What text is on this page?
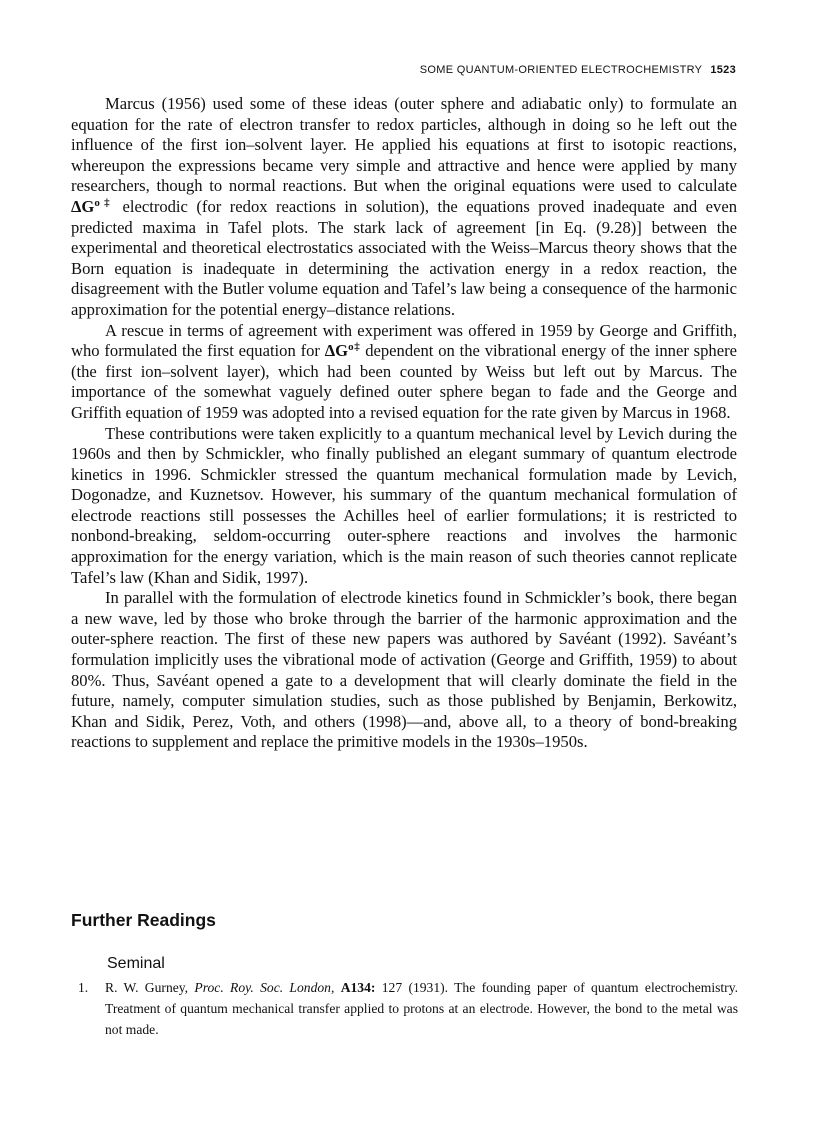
SOME QUANTUM-ORIENTED ELECTROCHEMISTRY 1523

Marcus (1956) used some of these ideas (outer sphere and adiabatic only) to formulate an equation for the rate of electron transfer to redox particles, although in doing so he left out the influence of the first ion–solvent layer. He applied his equations at first to isotopic reactions, whereupon the expressions became very simple and attractive and hence were applied by many researchers, though to normal reactions. But when the original equations were used to calculate $\Delta G^{o\ddagger}$ electrodic (for redox reactions in solution), the equations proved inadequate and even predicted maxima in Tafel plots. The stark lack of agreement [in Eq. (9.28)] between the experimental and theoretical electrostatics associated with the Weiss–Marcus theory shows that the Born equation is inadequate in determining the activation energy in a redox reaction, the disagreement with the Butler volume equation and Tafel’s law being a consequence of the harmonic approximation for the potential energy–distance relations.

A rescue in terms of agreement with experiment was offered in 1959 by George and Griffith, who formulated the first equation for $\Delta G^{o\ddagger}$ dependent on the vibrational energy of the inner sphere (the first ion–solvent layer), which had been counted by Weiss but left out by Marcus. The importance of the somewhat vaguely defined outer sphere began to fade and the George and Griffith equation of 1959 was adopted into a revised equation for the rate given by Marcus in 1968.

These contributions were taken explicitly to a quantum mechanical level by Levich during the 1960s and then by Schmickler, who finally published an elegant summary of quantum electrode kinetics in 1996. Schmickler stressed the quantum mechanical formulation made by Levich, Dogonadze, and Kuznetsov. However, his summary of the quantum mechanical formulation of electrode reactions still possesses the Achilles heel of earlier formulations; it is restricted to nonbond-breaking, seldom-occurring outer-sphere reactions and involves the harmonic approximation for the energy variation, which is the main reason of such theories cannot replicate Tafel’s law (Khan and Sidik, 1997).

In parallel with the formulation of electrode kinetics found in Schmickler’s book, there began a new wave, led by those who broke through the barrier of the harmonic approximation and the outer-sphere reaction. The first of these new papers was authored by Savéant (1992). Savéant’s formulation implicitly uses the vibrational mode of activation (George and Griffith, 1959) to about 80%. Thus, Savéant opened a gate to a development that will clearly dominate the field in the future, namely, computer simulation studies, such as those published by Benjamin, Berkowitz, Khan and Sidik, Perez, Voth, and others (1998)—and, above all, to a theory of bond-breaking reactions to supplement and replace the primitive models in the 1930s–1950s.

Further Readings
Seminal
1. R. W. Gurney, Proc. Roy. Soc. London, A134: 127 (1931). The founding paper of quantum electrochemistry. Treatment of quantum mechanical transfer applied to protons at an electrode. However, the bond to the metal was not made.
